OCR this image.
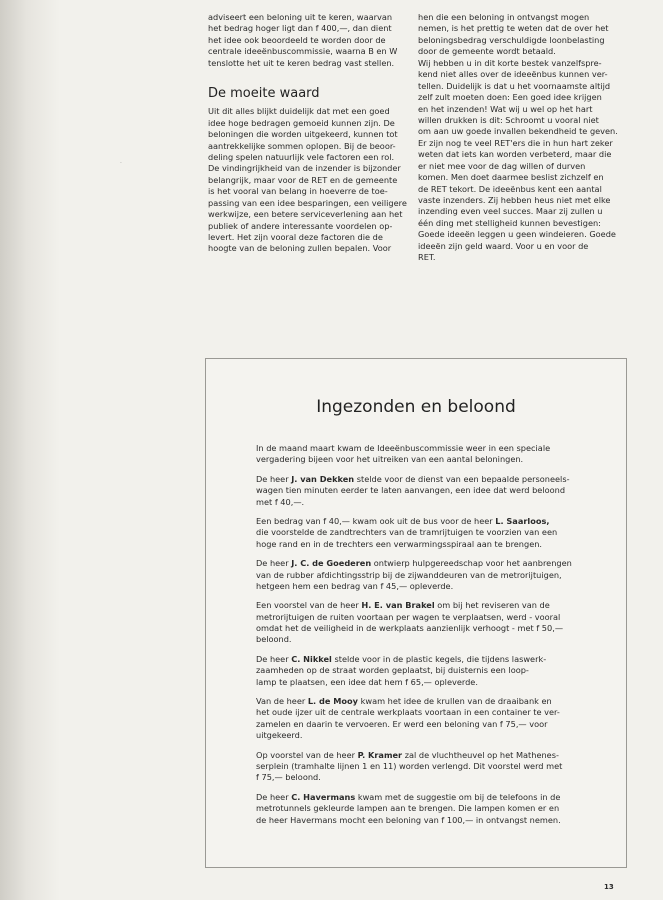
·
adviseert een beloning uit te keren, waarvan
het bedrag hoger ligt dan f 400,—, dan dient
het idee ook beoordeeld te worden door de
centrale ideeënbuscommissie, waarna B en W
tenslotte het uit te keren bedrag vast stellen.
De moeite waard
Uit dit alles blijkt duidelijk dat met een goed
idee hoge bedragen gemoeid kunnen zijn. De
beloningen die worden uitgekeerd, kunnen tot
aantrekkelijke sommen oplopen. Bij de beoor-
deling spelen natuurlijk vele factoren een rol.
De vindingrijkheid van de inzender is bijzonder
belangrijk, maar voor de RET en de gemeente
is het vooral van belang in hoeverre de toe-
passing van een idee besparingen, een veiligere
werkwijze, een betere serviceverlening aan het
publiek of andere interessante voordelen op-
levert. Het zijn vooral deze factoren die de
hoogte van de beloning zullen bepalen. Voor
hen die een beloning in ontvangst mogen
nemen, is het prettig te weten dat de over het
beloningsbedrag verschuldigde loonbelasting
door de gemeente wordt betaald.
Wij hebben u in dit korte bestek vanzelfspre-
kend niet alles over de ideeënbus kunnen ver-
tellen. Duidelijk is dat u het voornaamste altijd
zelf zult moeten doen: Een goed idee krijgen
en het inzenden! Wat wij u wel op het hart
willen drukken is dit: Schroomt u vooral niet
om aan uw goede invallen bekendheid te geven.
Er zijn nog te veel RET'ers die in hun hart zeker
weten dat iets kan worden verbeterd, maar die
er niet mee voor de dag willen of durven
komen. Men doet daarmee beslist zichzelf en
de RET tekort. De ideeënbus kent een aantal
vaste inzenders. Zij hebben heus niet met elke
inzending even veel succes. Maar zij zullen u
één ding met stelligheid kunnen bevestigen:
Goede ideeën leggen u geen windeieren. Goede
ideeën zijn geld waard. Voor u en voor de
RET.
Ingezonden en beloond
In de maand maart kwam de Ideeënbuscommissie weer in een speciale
vergadering bijeen voor het uitreiken van een aantal beloningen.
De heer J. van Dekken stelde voor de dienst van een bepaalde personeels-
wagen tien minuten eerder te laten aanvangen, een idee dat werd beloond
met f 40,—.
Een bedrag van f 40,— kwam ook uit de bus voor de heer L. Saarloos,
die voorstelde de zandtrechters van de tramrijtuigen te voorzien van een
hoge rand en in de trechters een verwarmingsspiraal aan te brengen.
De heer J. C. de Goederen ontwierp hulpgereedschap voor het aanbrengen
van de rubber afdichtingsstrip bij de zijwanddeuren van de metrorijtuigen,
hetgeen hem een bedrag van f 45,— opleverde.
Een voorstel van de heer H. E. van Brakel om bij het reviseren van de
metrorijtuigen de ruiten voortaan per wagen te verplaatsen, werd - vooral
omdat het de veiligheid in de werkplaats aanzienlijk verhoogt - met f 50,—
beloond.
De heer C. Nikkel stelde voor in de plastic kegels, die tijdens laswerk-
zaamheden op de straat worden geplaatst, bij duisternis een loop-
lamp te plaatsen, een idee dat hem f 65,— opleverde.
Van de heer L. de Mooy kwam het idee de krullen van de draaibank en
het oude ijzer uit de centrale werkplaats voortaan in een container te ver-
zamelen en daarin te vervoeren. Er werd een beloning van f 75,— voor
uitgekeerd.
Op voorstel van de heer P. Kramer zal de vluchtheuvel op het Mathenes-
serplein (tramhalte lijnen 1 en 11) worden verlengd. Dit voorstel werd met
f 75,— beloond.
De heer C. Havermans kwam met de suggestie om bij de telefoons in de
metrotunnels gekleurde lampen aan te brengen. Die lampen komen er en
de heer Havermans mocht een beloning van f 100,— in ontvangst nemen.
13
